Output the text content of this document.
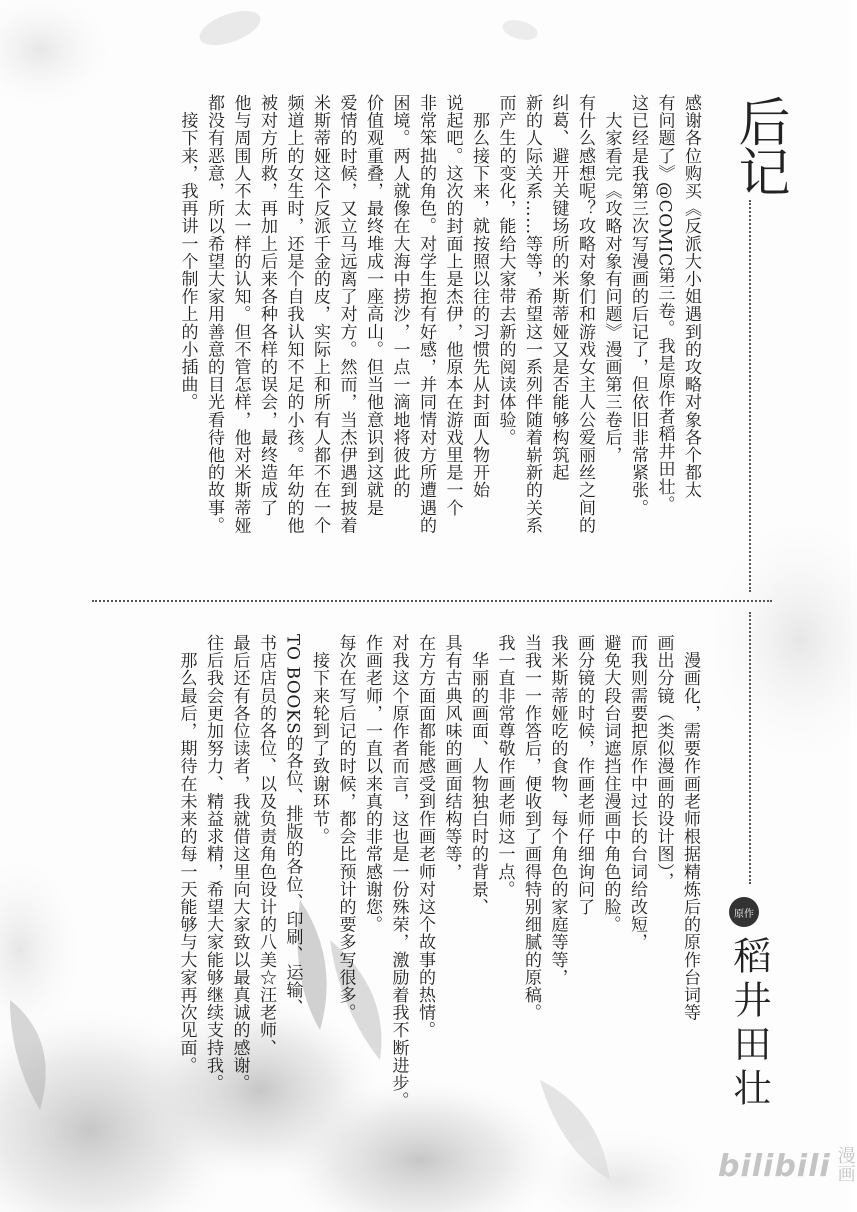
后记

感谢各位购买《反派大小姐遇到的攻略对象各个都太

有问题了》@COMIC第三卷。我是原作者稻井田壮。

这已经是我第三次写漫画的后记了，但依旧非常紧张。

　大家看完《攻略对象有问题》漫画第三卷后，

有什么感想呢？攻略对象们和游戏女主人公爱丽丝之间的

纠葛、避开关键场所的米斯蒂娅又是否能够构筑起

新的人际关系……等等，希望这一系列伴随着崭新的关系

而产生的变化，能给大家带去新的阅读体验。

　那么接下来，就按照以往的习惯先从封面人物开始

说起吧。这次的封面上是杰伊，他原本在游戏里是一个

非常笨拙的角色。对学生抱有好感，并同情对方所遭遇的

困境。两人就像在大海中捞沙，一点一滴地将彼此的

价值观重叠，最终堆成一座高山。但当他意识到这就是

爱情的时候，又立马远离了对方。然而，当杰伊遇到披着

米斯蒂娅这个反派千金的皮，实际上和所有人都不在一个

频道上的女生时，还是个自我认知不足的小孩。年幼的他

被对方所救，再加上后来各种各样的误会，最终造成了

他与周围人不太一样的认知。但不管怎样，他对米斯蒂娅

都没有恶意，所以希望大家用善意的目光看待他的故事。

　接下来，我再讲一个制作上的小插曲。

　漫画化，需要作画老师根据精炼后的原作台词等

画出分镜（类似漫画的设计图），

而我则需要把原作中过长的台词给改短，

避免大段台词遮挡住漫画中角色的脸。

画分镜的时候，作画老师仔细询问了

我米斯蒂娅吃的食物、每个角色的家庭等等，

当我一一作答后，便收到了画得特别细腻的原稿。

我一直非常尊敬作画老师这一点。

　华丽的画面、人物独白时的背景、

具有古典风味的画面结构等等，

在方方面面都能感受到作画老师对这个故事的热情。

对我这个原作者而言，这也是一份殊荣，激励着我不断进步。

作画老师，一直以来真的非常感谢您。

每次在写后记的时候，都会比预计的要多写很多。

　接下来轮到了致谢环节。

TO BOOKS的各位、排版的各位、印刷、运输、

书店店员的各位、以及负责角色设计的八美☆汪老师、

最后还有各位读者，我就借这里向大家致以最真诚的感谢。

往后我会更加努力、精益求精，希望大家能够继续支持我。

　那么最后，期待在未来的每一天能够与大家再次见面。	原作
稻井田壮
bilibili 漫画
